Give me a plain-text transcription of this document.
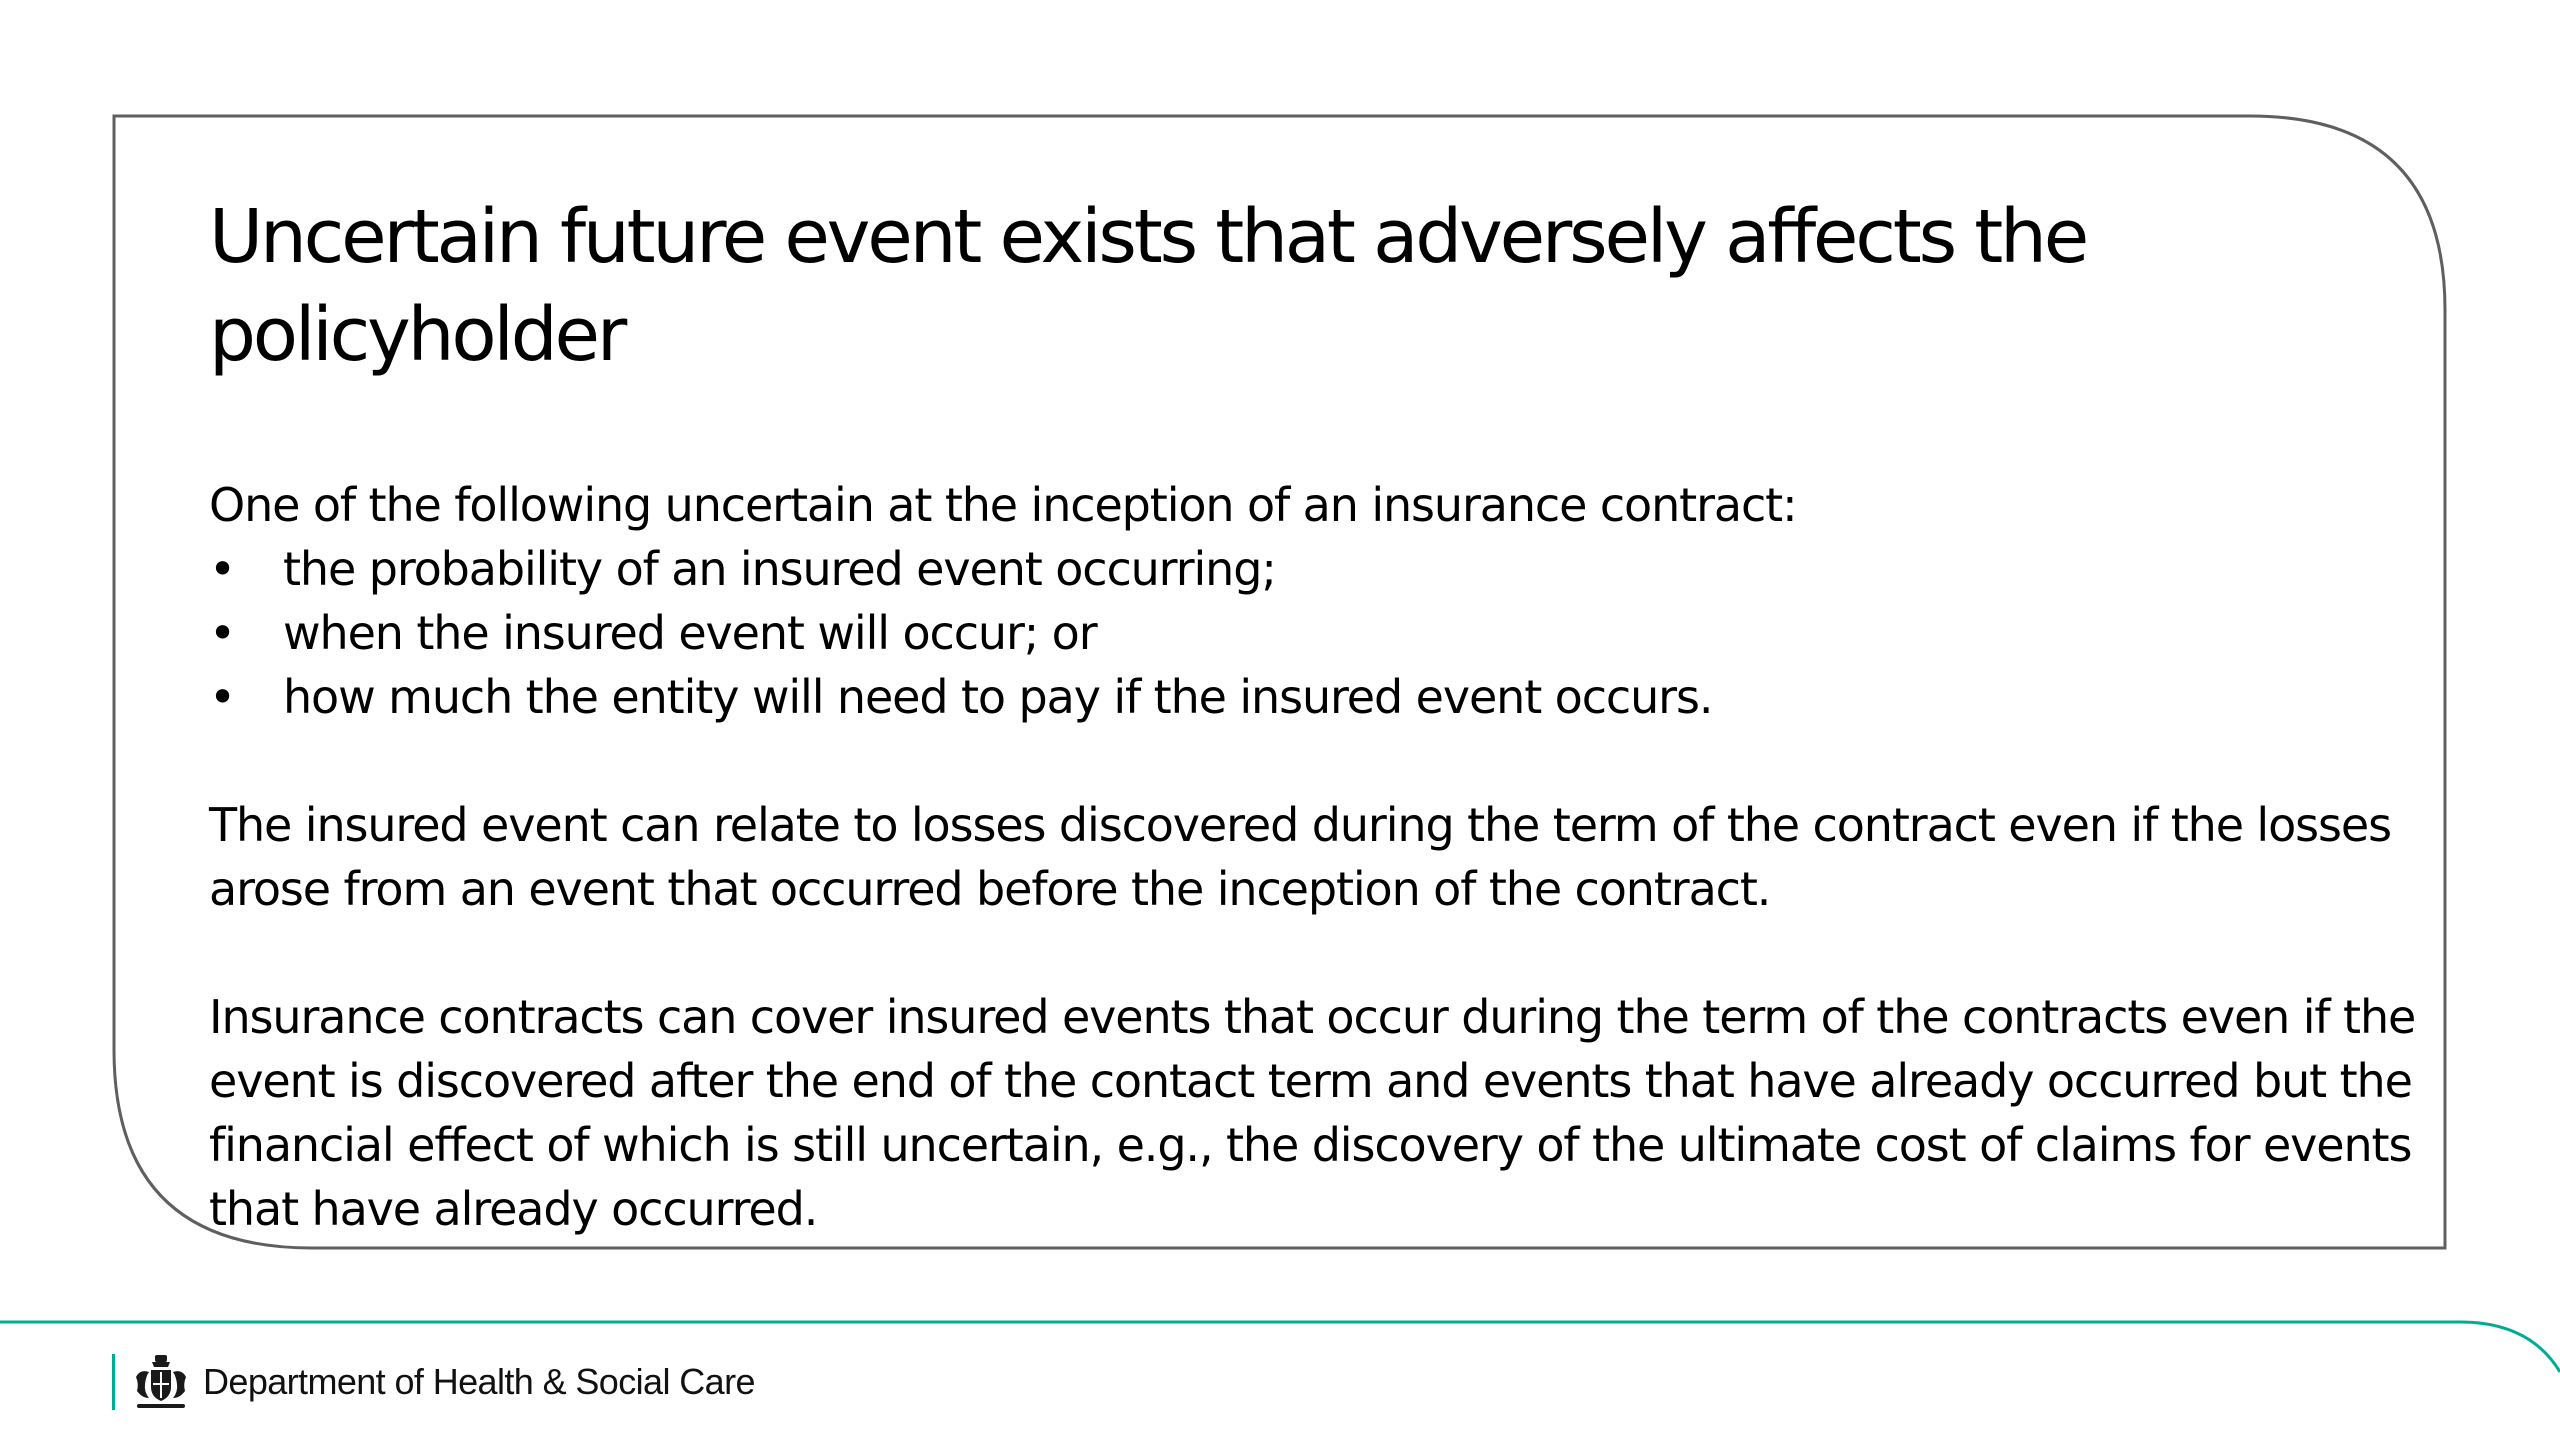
Uncertain future event exists that adversely affects the policyholder

One of the following uncertain at the inception of an insurance contract:

•	the probability of an insured event occurring;
•	when the insured event will occur; or
•	how much the entity will need to pay if the insured event occurs.

The insured event can relate to losses discovered during the term of the contract even if the losses arose from an event that occurred before the inception of the contract.

Insurance contracts can cover insured events that occur during the term of the contracts even if the event is discovered after the end of the contact term and events that have already occurred but the financial effect of which is still uncertain, e.g., the discovery of the ultimate cost of claims for events that have already occurred.

Department of Health & Social Care
